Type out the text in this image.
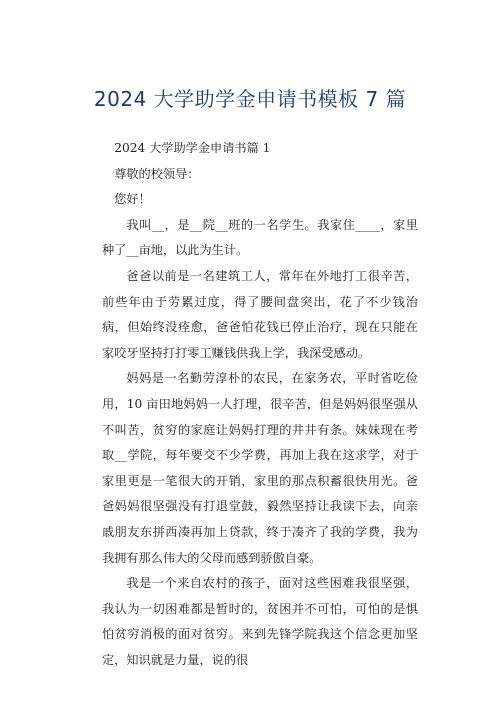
2024 大学助学金申请书模板 7 篇

2024 大学助学金申请书篇 1

尊敬的校领导：

您好！

我叫__，是__院__班的一名学生。我家住____，家里种了__亩地，以此为生计。

爸爸以前是一名建筑工人，常年在外地打工很辛苦，前些年由于劳累过度，得了腰间盘突出，花了不少钱治病，但始终没痊愈，爸爸怕花钱已停止治疗，现在只能在家咬牙坚持打打零工赚钱供我上学，我深受感动。

妈妈是一名勤劳淳朴的农民，在家务农，平时省吃俭用，10 亩田地妈妈一人打理，很辛苦，但是妈妈很坚强从不叫苦，贫穷的家庭让妈妈打理的井井有条。妹妹现在考取__学院，每年要交不少学费，再加上我在这求学，对于家里更是一笔很大的开销，家里的那点积蓄很快用光。爸爸妈妈很坚强没有打退堂鼓，毅然坚持让我读下去，向亲戚朋友东拼西凑再加上贷款，终于凑齐了我的学费，我为我拥有那么伟大的父母而感到骄傲自豪。

我是一个来自农村的孩子，面对这些困难我很坚强，我认为一切困难都是暂时的，贫困并不可怕，可怕的是惧怕贫穷消极的面对贫穷。来到先锋学院我这个信念更加坚定，知识就是力量，说的很
